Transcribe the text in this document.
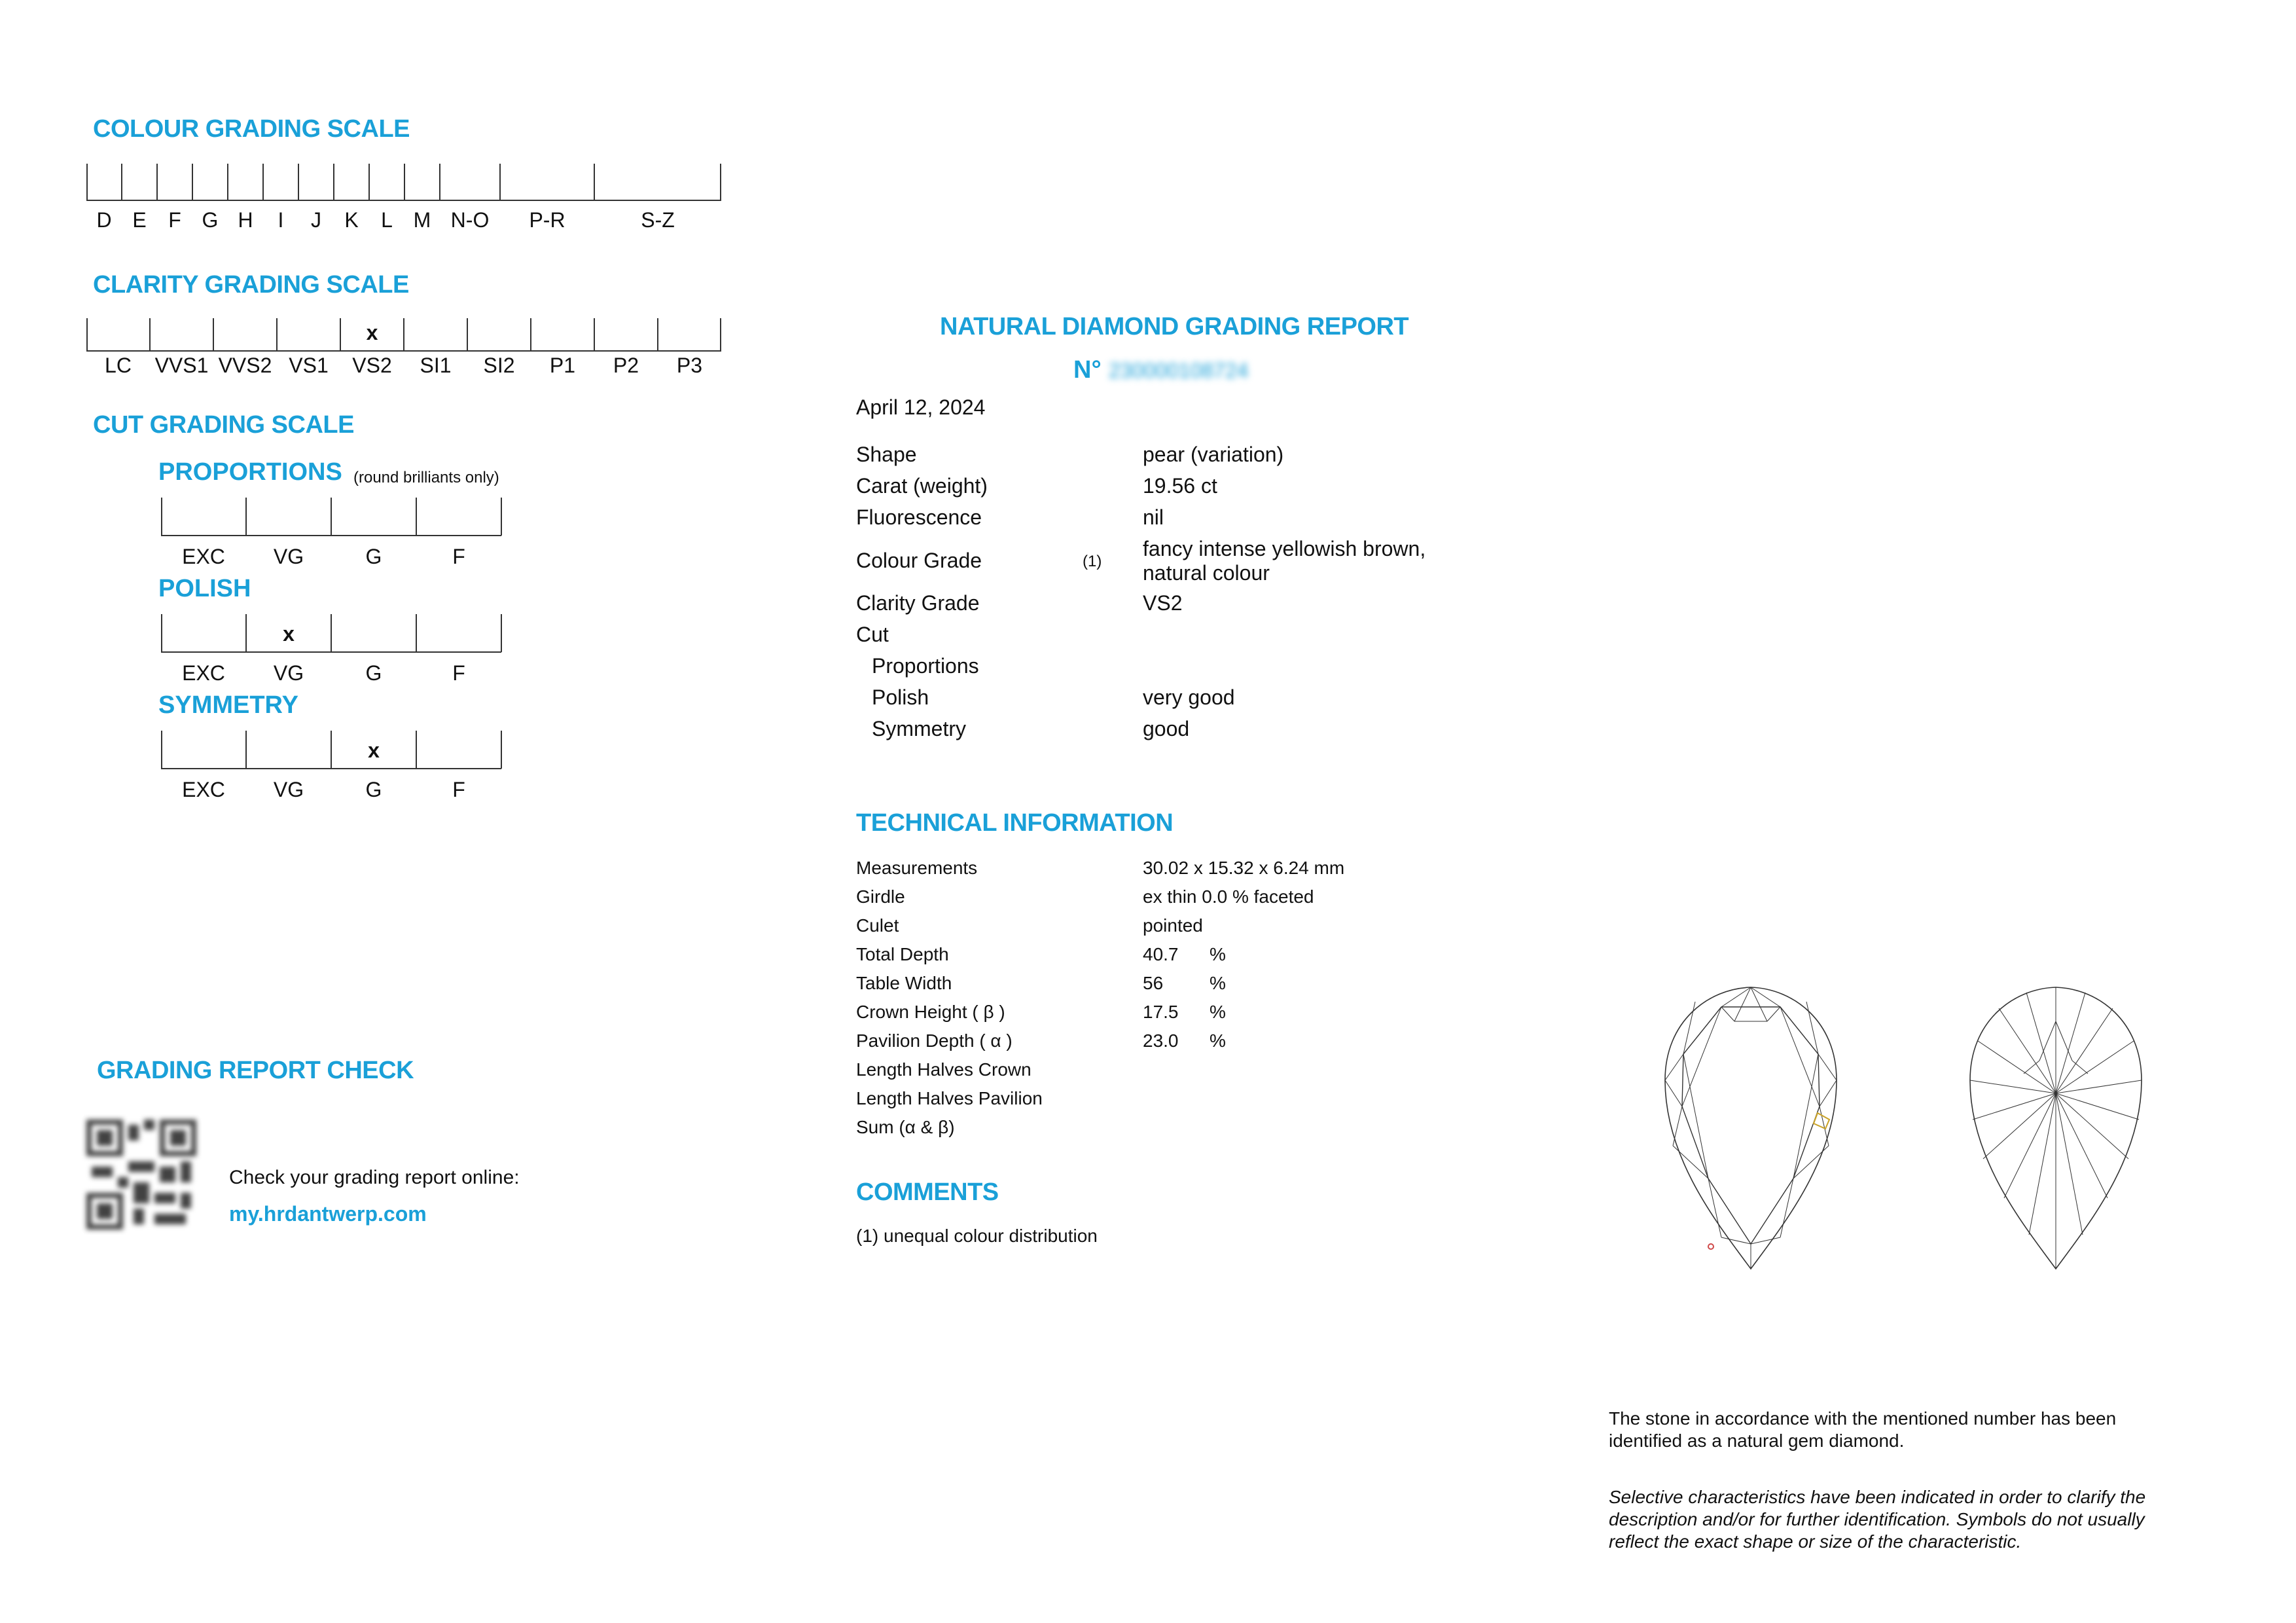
COLOUR GRADING SCALE
D E F G H I J K L M N-O P-R	S-Z
CLARITY GRADING SCALE
x
LC VVS1 VVS2 VS1 VS2 SI1 SI2 P1 P2 P3
CUT GRADING SCALE
PROPORTIONS (round brilliants only)
EXC VG	G	F
POLISH
EXC VG	G	F
x
SYMMETRY
EXC VG	G	F
x
GRADING REPORT CHECK
Check your grading report online:
my.hrdantwerp.com
NATURAL DIAMOND GRADING REPORT
N° 230000108724
April 12, 2024
Shape	pear (variation)
Carat (weight)	19.56 ct
Fluorescence	nil
Colour Grade	(1)
fancy intense yellowish brown,
natural colour
Clarity Grade	VS2
Cut
Proportions
Polish	very good
Symmetry	good
TECHNICAL INFORMATION
Measurements	30.02 x 15.32 x 6.24 mm
Girdle	ex thin 0.0 % faceted
Culet	pointed
Total Depth	40.7 %
Table Width	56	%
Crown Height ( β )	17.5 %
Pavilion Depth ( α )	23.0 %
Length Halves Crown
Length Halves Pavilion
Sum (α & β)
COMMENTS
(1) unequal colour distribution
The stone in accordance with the mentioned number has been identified as a natural gem diamond.
Selective characteristics have been indicated in order to clarify the description and/or for further identification. Symbols do not usually reflect the exact shape or size of the characteristic.
